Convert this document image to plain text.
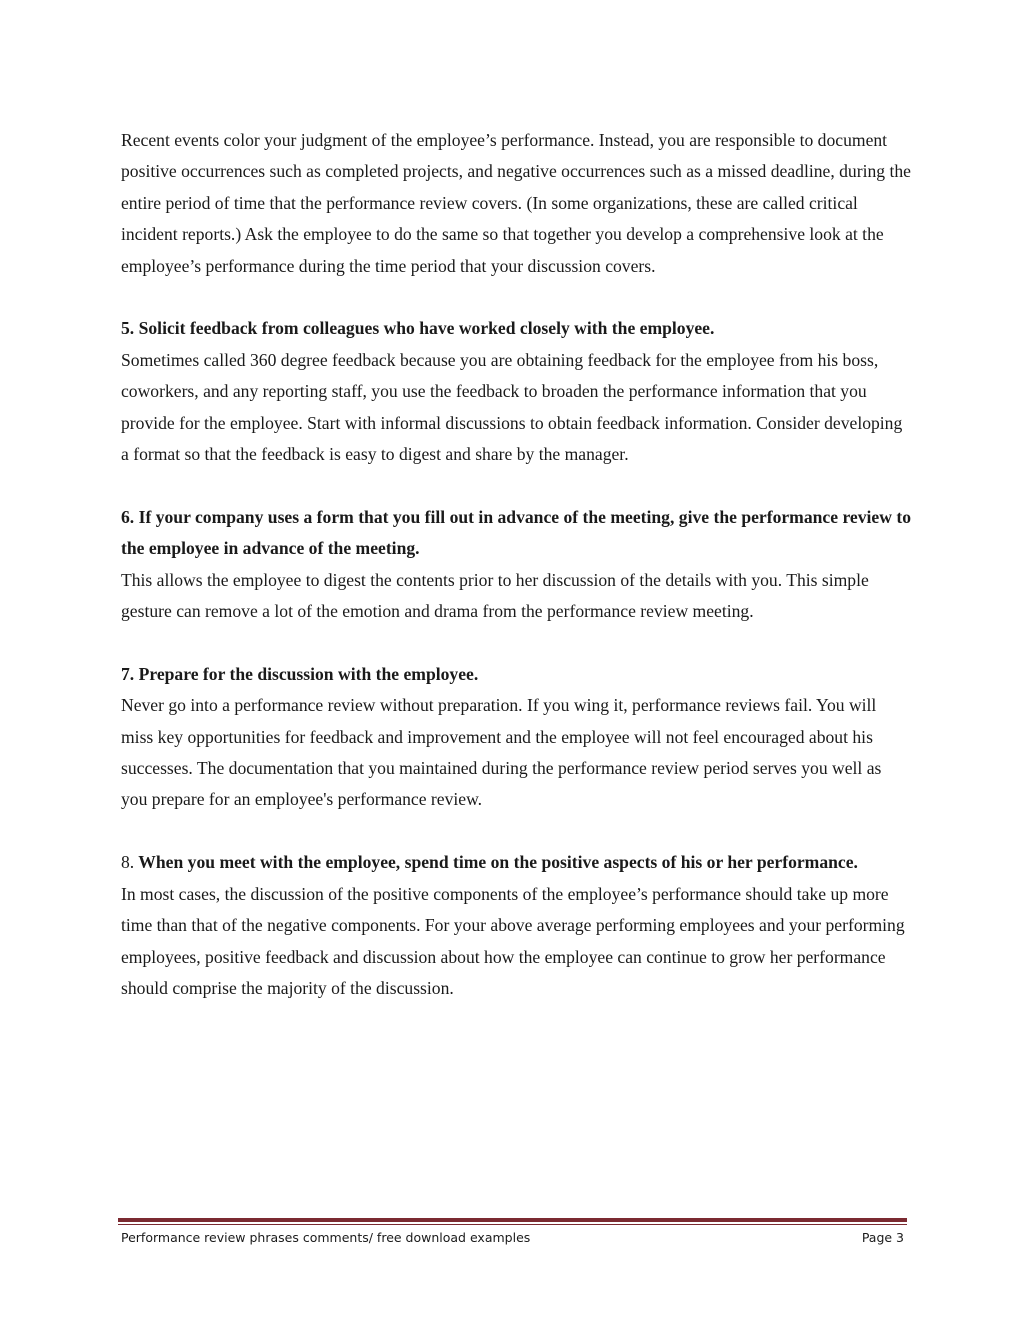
Recent events color your judgment of the employee’s performance. Instead, you are responsible to document positive occurrences such as completed projects, and negative occurrences such as a missed deadline, during the entire period of time that the performance review covers. (In some organizations, these are called critical incident reports.) Ask the employee to do the same so that together you develop a comprehensive look at the employee’s performance during the time period that your discussion covers.

5. Solicit feedback from colleagues who have worked closely with the employee.

Sometimes called 360 degree feedback because you are obtaining feedback for the employee from his boss, coworkers, and any reporting staff, you use the feedback to broaden the performance information that you provide for the employee. Start with informal discussions to obtain feedback information. Consider developing a format so that the feedback is easy to digest and share by the manager.

6. If your company uses a form that you fill out in advance of the meeting, give the performance review to the employee in advance of the meeting.

This allows the employee to digest the contents prior to her discussion of the details with you. This simple gesture can remove a lot of the emotion and drama from the performance review meeting.

7. Prepare for the discussion with the employee.

Never go into a performance review without preparation. If you wing it, performance reviews fail. You will miss key opportunities for feedback and improvement and the employee will not feel encouraged about his successes. The documentation that you maintained during the performance review period serves you well as you prepare for an employee's performance review.

8. When you meet with the employee, spend time on the positive aspects of his or her performance.

In most cases, the discussion of the positive components of the employee’s performance should take up more time than that of the negative components. For your above average performing employees and your performing employees, positive feedback and discussion about how the employee can continue to grow her performance should comprise the majority of the discussion.

Performance review phrases comments/ free download examples	Page 3
